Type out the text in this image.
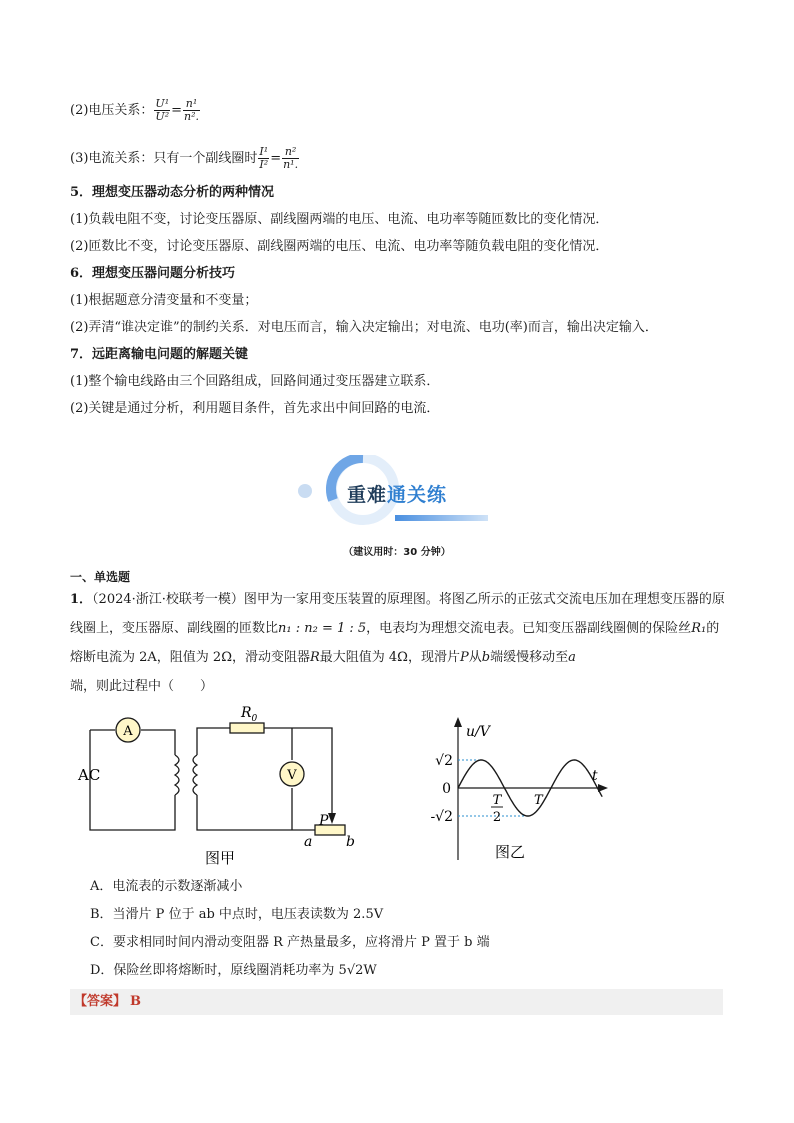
(2)电压关系： $\frac{\text{U¹}}{\text{U²}} = \frac{\text{n¹}}{\text{n².}}$
(3)电流关系：只有一个副线圈时 $\frac{\text{I¹}}{\text{I²}} = \frac{\text{n²}}{\text{n¹.}}$
5．理想变压器动态分析的两种情况
(1)负载电阻不变，讨论变压器原、副线圈两端的电压、电流、电功率等随匝数比的变化情况．
(2)匝数比不变，讨论变压器原、副线圈两端的电压、电流、电功率等随负载电阻的变化情况．
6．理想变压器问题分析技巧
(1)根据题意分清变量和不变量；
(2)弄清“谁决定谁”的制约关系．对电压而言，输入决定输出；对电流、电功(率)而言，输出决定输入．
7．远距离输电问题的解题关键
(1)整个输电线路由三个回路组成，回路间通过变压器建立联系．
(2)关键是通过分析，利用题目条件，首先求出中间回路的电流．
重难通关练
（建议用时：30 分钟）
一、单选题
1．（2024·浙江·校联考一模）图甲为一家用变压装置的原理图。将图乙所示的正弦式交流电压加在理想变压器的原线圈上，变压器原、副线圈的匝数比n₁ : n₂ = 1 : 5，电表均为理想交流电表。已知变压器副线圈侧的保险丝R₁的熔断电流为 2A，阻值为 2Ω，滑动变阻器R最大阻值为 4Ω，现滑片P从b端缓慢移动至a
端，则此过程中（　　）
A
V
$R_0$
AC
P
a b
图甲
u/V
t
√2
0
-√2
T
2
T
图乙
A．电流表的示数逐渐减小
B．当滑片 P 位于 ab 中点时，电压表读数为 2.5V
C．要求相同时间内滑动变阻器 R 产热量最多，应将滑片 P 置于 b 端
D．保险丝即将熔断时，原线圈消耗功率为 5√2W
【答案】 B
